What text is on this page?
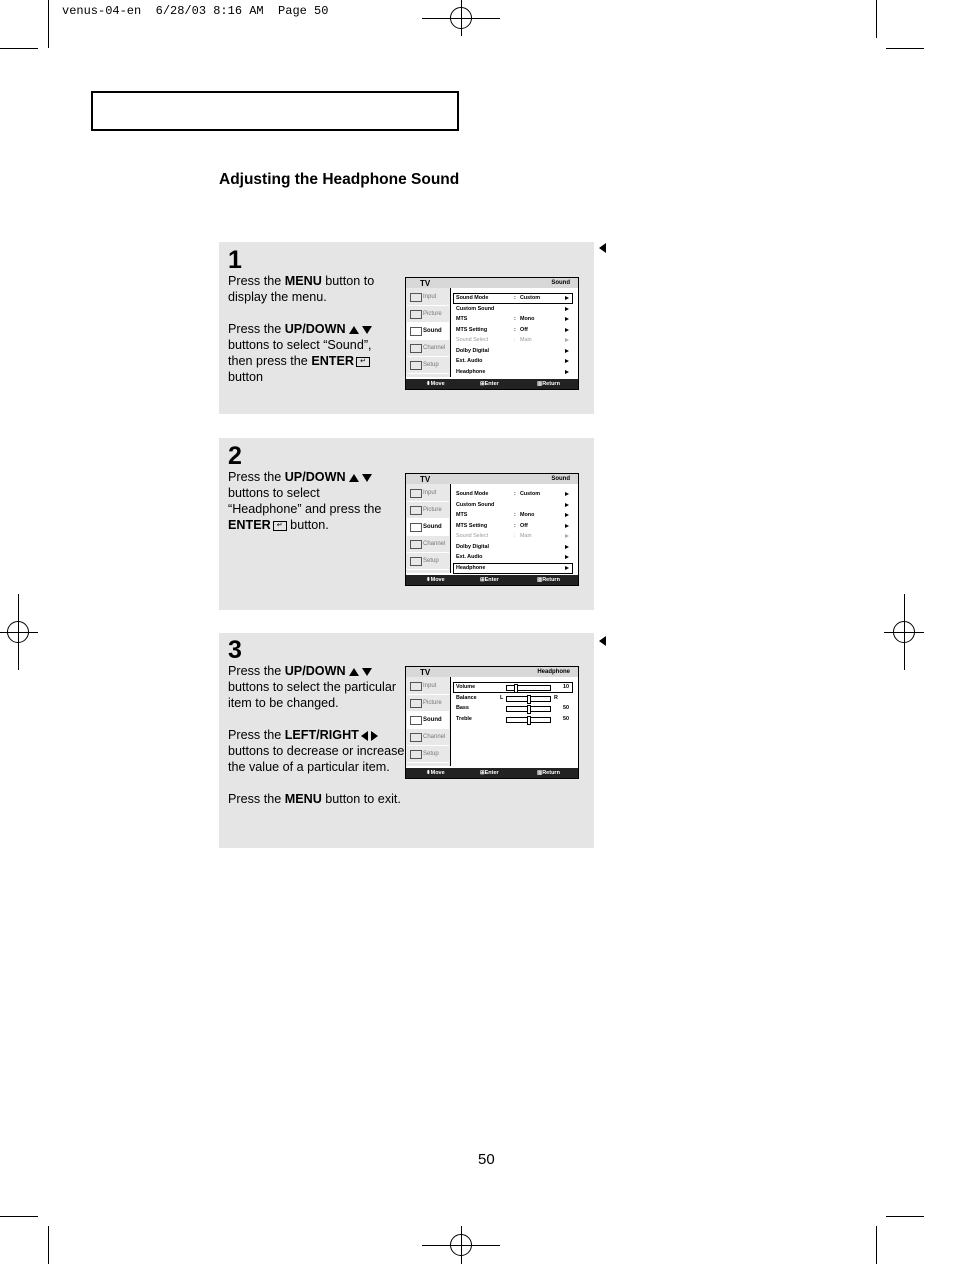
venus-04-en  6/28/03 8:16 AM  Page 50
Adjusting the Headphone Sound
1

Press the MENU button to display the menu.

Press the UP/DOWN buttons to select “Sound”, then press the ENTER ↵
button

TV	Sound
Input
Picture
Sound
Channel
Setup
Sound Mode	: Custom
Custom Sound
MTS	: Mono
MTS Setting	: Off
Sound Select	: Main
Dolby Digital
Ext. Audio
Headphone
⬍ Move	⊞ Enter	▥ Return
2

Press the UP/DOWN buttons to select “Headphone” and press the ENTER ↵ button.

TV	Sound
Input
Picture
Sound
Channel
Setup
Sound Mode	: Custom
Custom Sound
MTS	: Mono
MTS Setting	: Off
Sound Select	: Main
Dolby Digital
Ext. Audio
Headphone
⬍ Move	⊞ Enter	▥ Return
3

Press the UP/DOWN buttons to select the particular item to be changed.

Press the LEFT/RIGHT buttons to decrease or increase the value of a particular item.

Press the MENU button to exit.

TV	Headphone
Input
Picture
Sound
Channel
Setup
Volume	10
Balance	L	R
Bass	50
Treble	50
⬍ Move	⊞ Enter	▥ Return
50
